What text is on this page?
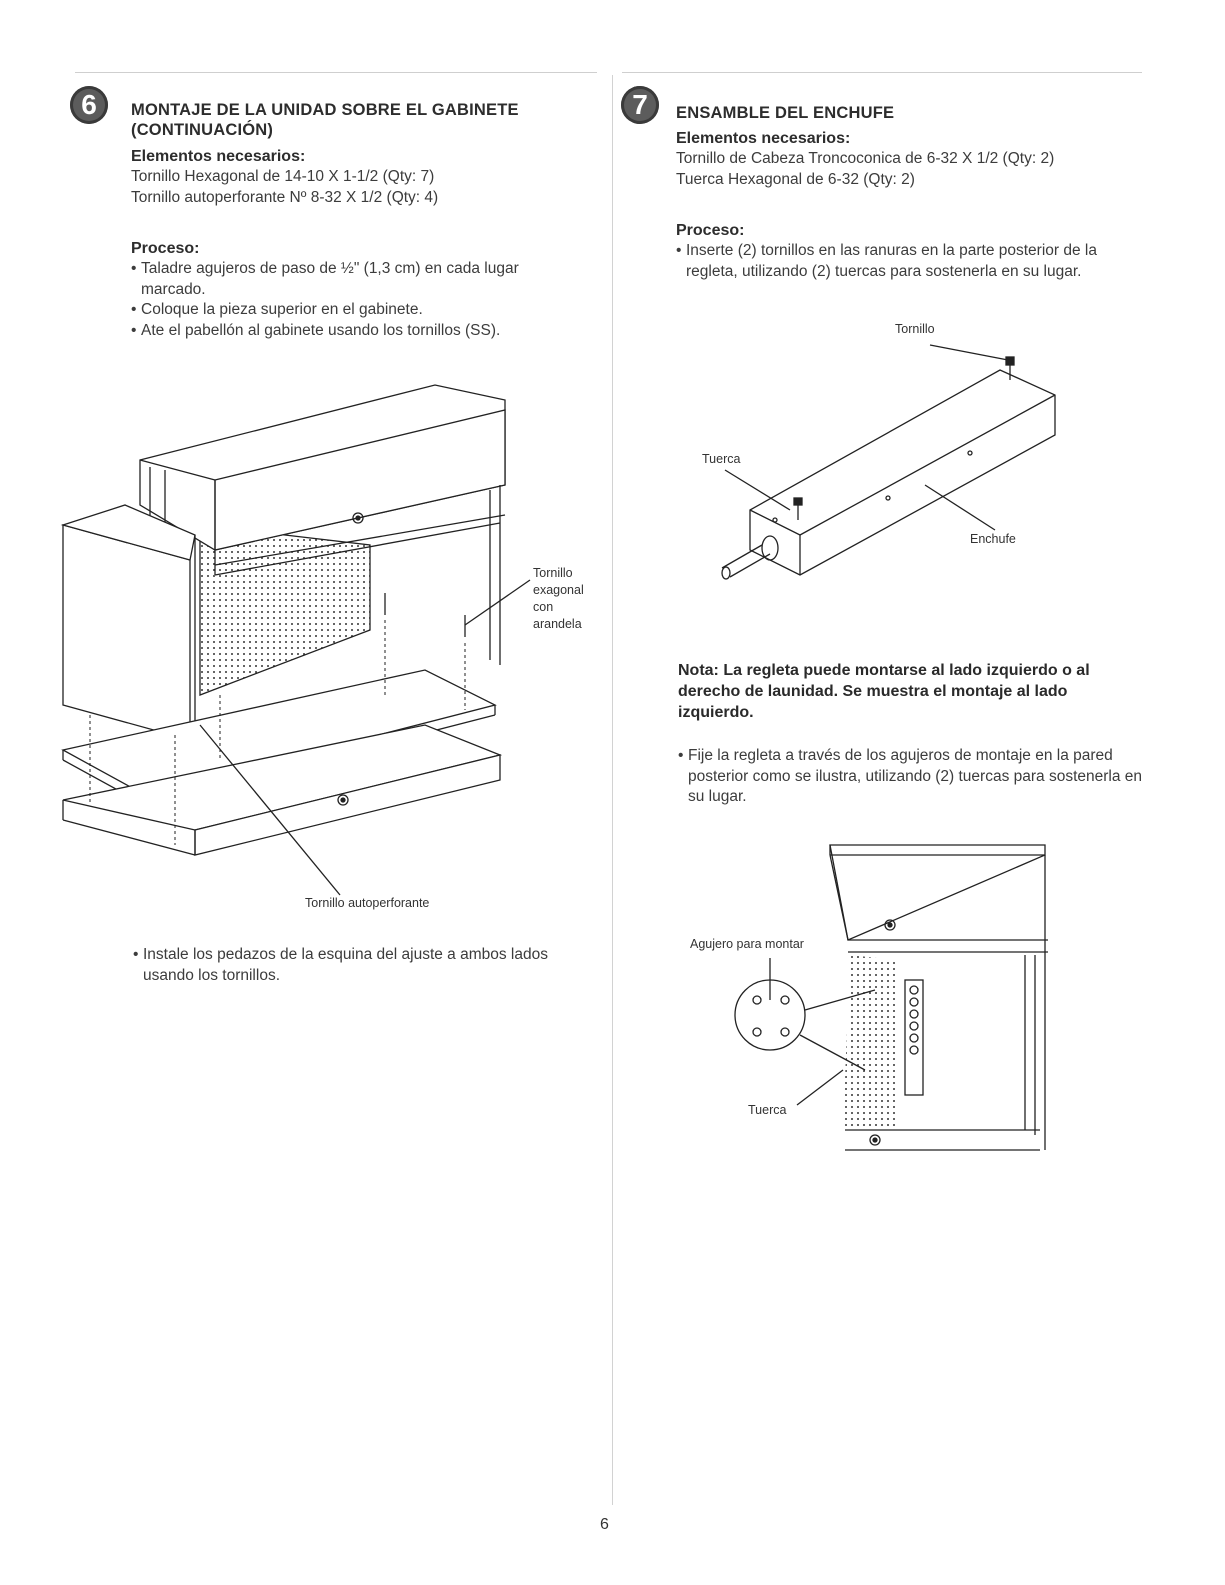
6	MONTAJE DE LA UNIDAD SOBRE EL GABINETE (CONTINUACIÓN)
Elementos necesarios:
Tornillo Hexagonal de 14-10 X 1-1/2 (Qty: 7)
Tornillo autoperforante Nº 8-32 X 1/2 (Qty: 4)
Proceso:
• Taladre agujeros de paso de ½" (1,3 cm) en cada lugar marcado.
• Coloque la pieza superior en el gabinete.
• Ate el pabellón al gabinete usando los tornillos (SS).
Tornillo exagonal con arandela
Tornillo autoperforante
• Instale los pedazos de la esquina del ajuste a ambos lados usando los tornillos.
7	ENSAMBLE DEL ENCHUFE
Elementos necesarios:
Tornillo de Cabeza Troncoconica de 6-32 X 1/2 (Qty: 2)
Tuerca Hexagonal de 6-32 (Qty: 2)
Proceso:
• Inserte (2) tornillos en las ranuras en la parte posterior de la regleta, utilizando (2) tuercas para sostenerla en su lugar.
Tornillo
Tuerca
Enchufe
Nota: La regleta puede montarse al lado izquierdo o al derecho de launidad. Se muestra el montaje al lado izquierdo.
• Fije la regleta a través de los agujeros de montaje en la pared posterior como se ilustra, utilizando (2) tuercas para sostenerla en su lugar.
Agujero para montar
Tuerca
6
